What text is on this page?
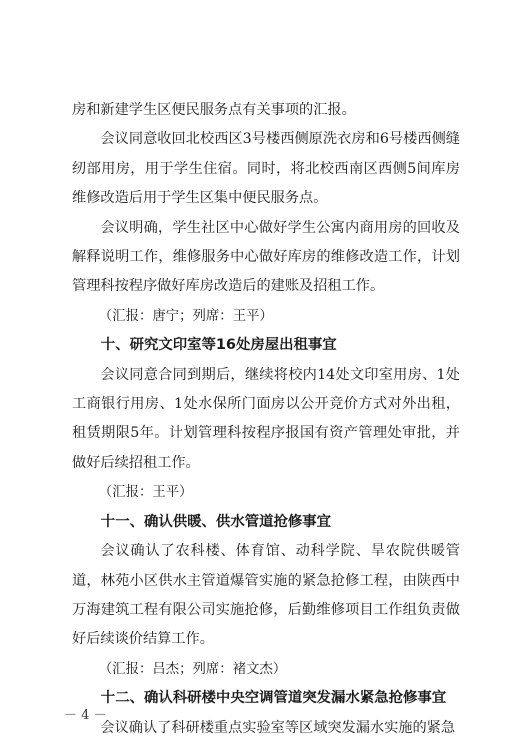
房和新建学生区便民服务点有关事项的汇报。

会议同意收回北校西区3号楼西侧原洗衣房和6号楼西侧缝纫部用房，用于学生住宿。同时，将北校西南区西侧5间库房维修改造后用于学生区集中便民服务点。

会议明确，学生社区中心做好学生公寓内商用房的回收及解释说明工作，维修服务中心做好库房的维修改造工作，计划管理科按程序做好库房改造后的建账及招租工作。

（汇报：唐宁；列席：王平）

十、研究文印室等16处房屋出租事宜

会议同意合同到期后，继续将校内14处文印室用房、1处工商银行用房、1处水保所门面房以公开竞价方式对外出租，租赁期限5年。计划管理科按程序报国有资产管理处审批，并做好后续招租工作。

（汇报：王平）

十一、确认供暖、供水管道抢修事宜

会议确认了农科楼、体育馆、动科学院、旱农院供暖管道，林苑小区供水主管道爆管实施的紧急抢修工程，由陕西中万海建筑工程有限公司实施抢修，后勤维修项目工作组负责做好后续谈价结算工作。

（汇报：吕杰；列席：褚文杰）

十二、确认科研楼中央空调管道突发漏水紧急抢修事宜

会议确认了科研楼重点实验室等区域突发漏水实施的紧急

－ 4 －
